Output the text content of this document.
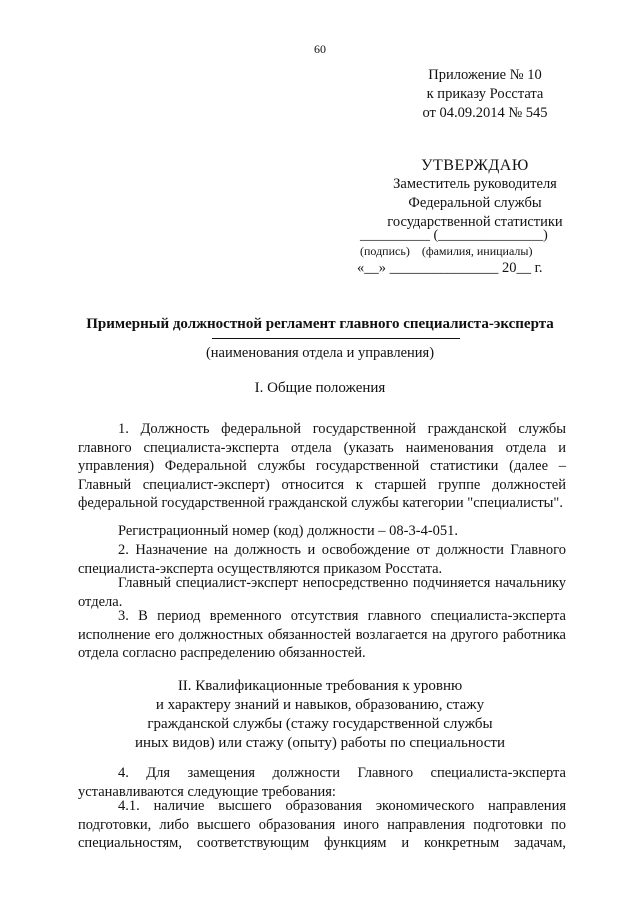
60
Приложение № 10
к приказу Росстата
от 04.09.2014 № 545
УТВЕРЖДАЮ
Заместитель руководителя
Федеральной службы
государственной статистики
__________ (_______________)
(подпись) (фамилия, инициалы)
«__» _______________ 20__ г.
Примерный должностной регламент главного специалиста-эксперта
(наименования отдела и управления)
I. Общие положения
1. Должность федеральной государственной гражданской службы главного специалиста-эксперта отдела (указать наименования отдела и управления) Федеральной службы государственной статистики (далее – Главный специалист-эксперт) относится к старшей группе должностей федеральной государственной гражданской службы категории "специалисты".
Регистрационный номер (код) должности – 08-3-4-051.
2. Назначение на должность и освобождение от должности Главного специалиста-эксперта осуществляются приказом Росстата.
Главный специалист-эксперт непосредственно подчиняется начальнику отдела.
3. В период временного отсутствия главного специалиста-эксперта исполнение его должностных обязанностей возлагается на другого работника отдела согласно распределению обязанностей.
II. Квалификационные требования к уровню
и характеру знаний и навыков, образованию, стажу
гражданской службы (стажу государственной службы
иных видов) или стажу (опыту) работы по специальности
4. Для замещения должности Главного специалиста-эксперта устанавливаются следующие требования:
4.1. наличие высшего образования экономического направления подготовки, либо высшего образования иного направления подготовки по специальностям, соответствующим функциям и конкретным задачам,
